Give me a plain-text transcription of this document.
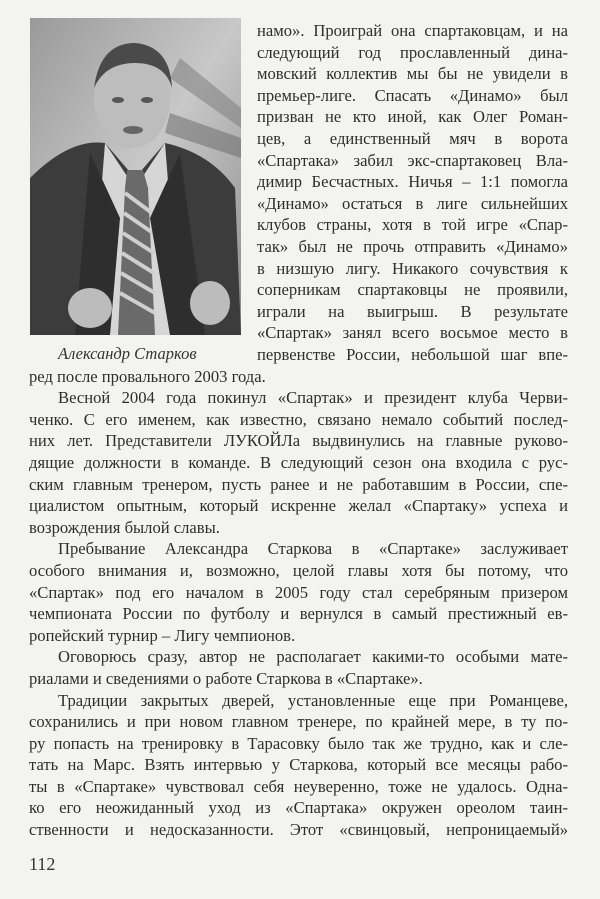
Александр Старков
намо». Проиграй она спартаковцам, и на
следующий год прославленный дина-
мовский коллектив мы бы не увидели в
премьер-лиге. Спасать «Динамо» был
призван не кто иной, как Олег Роман-
цев, а единственный мяч в ворота
«Спартака» забил экс-спартаковец Вла-
димир Бесчастных. Ничья – 1:1 помогла
«Динамо» остаться в лиге сильнейших
клубов страны, хотя в той игре «Спар-
так» был не прочь отправить «Динамо»
в низшую лигу. Никакого сочувствия к
соперникам спартаковцы не проявили,
играли на выигрыш. В результате
«Спартак» занял всего восьмое место в
первенстве России, небольшой шаг впе-
ред после провального 2003 года.
Весной 2004 года покинул «Спартак» и президент клуба Черви-
ченко. С его именем, как известно, связано немало событий послед-
них лет. Представители ЛУКОЙЛа выдвинулись на главные руково-
дящие должности в команде. В следующий сезон она входила с рус-
ским главным тренером, пусть ранее и не работавшим в России, спе-
циалистом опытным, который искренне желал «Спартаку» успеха и
возрождения былой славы.
Пребывание Александра Старкова в «Спартаке» заслуживает
особого внимания и, возможно, целой главы хотя бы потому, что
«Спартак» под его началом в 2005 году стал серебряным призером
чемпионата России по футболу и вернулся в самый престижный ев-
ропейский турнир – Лигу чемпионов.
Оговорюсь сразу, автор не располагает какими-то особыми мате-
риалами и сведениями о работе Старкова в «Спартаке».
Традиции закрытых дверей, установленные еще при Романцеве,
сохранились и при новом главном тренере, по крайней мере, в ту по-
ру попасть на тренировку в Тарасовку было так же трудно, как и сле-
тать на Марс. Взять интервью у Старкова, который все месяцы рабо-
ты в «Спартаке» чувствовал себя неуверенно, тоже не удалось. Одна-
ко его неожиданный уход из «Спартака» окружен ореолом таин-
ственности и недосказанности. Этот «свинцовый, непроницаемый»
112
